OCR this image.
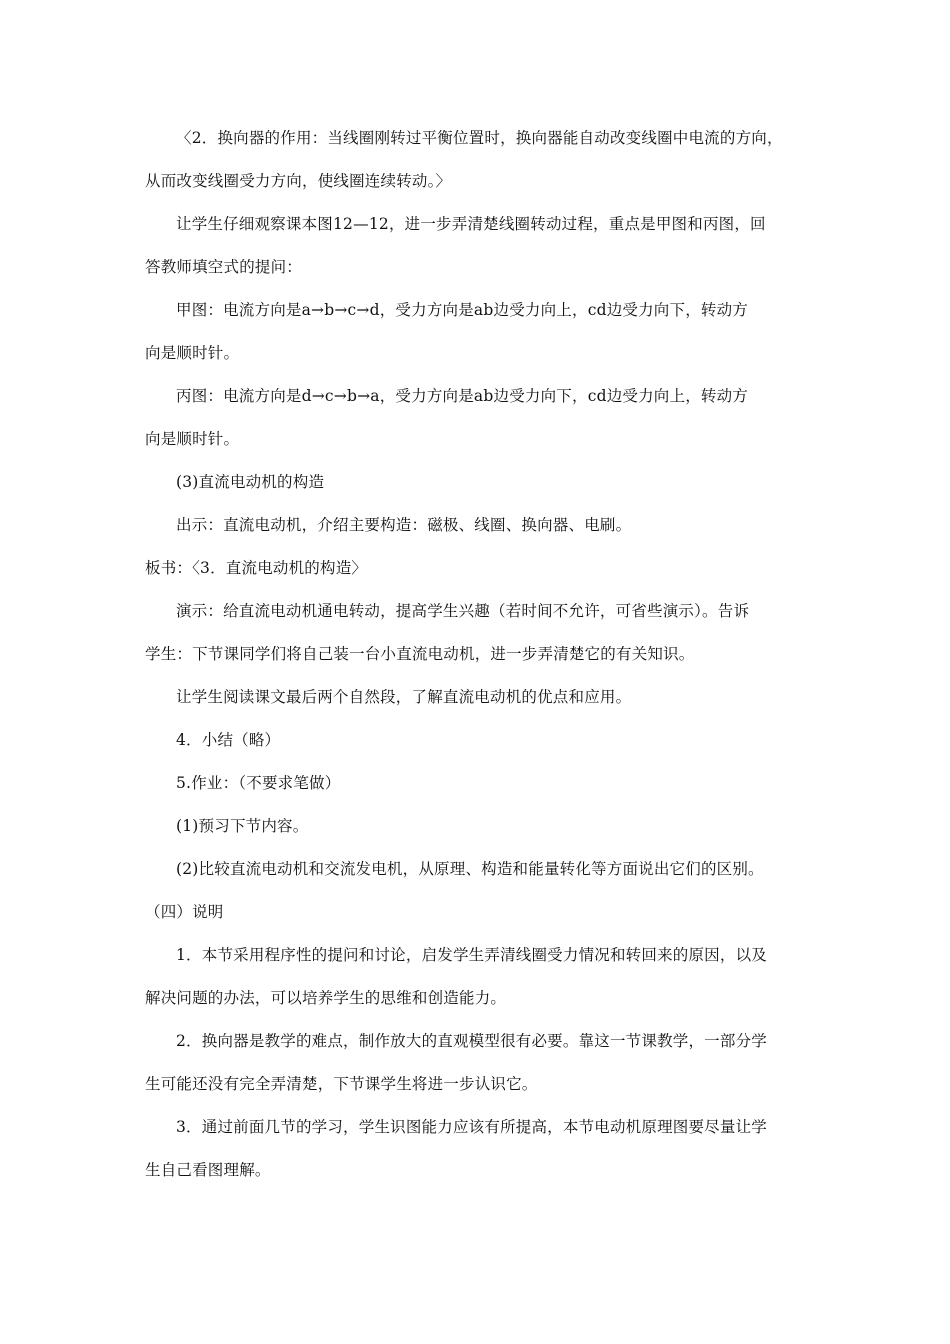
〈2．换向器的作用：当线圈刚转过平衡位置时，换向器能自动改变线圈中电流的方向，
从而改变线圈受力方向，使线圈连续转动。〉
让学生仔细观察课本图12—12，进一步弄清楚线圈转动过程，重点是甲图和丙图，回
答教师填空式的提问：
甲图：电流方向是a→b→c→d，受力方向是ab边受力向上，cd边受力向下，转动方
向是顺时针。
丙图：电流方向是d→c→b→a，受力方向是ab边受力向下，cd边受力向上，转动方
向是顺时针。
(3)直流电动机的构造
出示：直流电动机，介绍主要构造：磁极、线圈、换向器、电刷。
板书：〈3．直流电动机的构造〉
演示：给直流电动机通电转动，提高学生兴趣（若时间不允许，可省些演示）。告诉
学生：下节课同学们将自己装一台小直流电动机，进一步弄清楚它的有关知识。
让学生阅读课文最后两个自然段，了解直流电动机的优点和应用。
4．小结（略）
5.作业：（不要求笔做）
(1)预习下节内容。
(2)比较直流电动机和交流发电机，从原理、构造和能量转化等方面说出它们的区别。
（四）说明
1．本节采用程序性的提问和讨论，启发学生弄清线圈受力情况和转回来的原因，以及
解决问题的办法，可以培养学生的思维和创造能力。
2．换向器是教学的难点，制作放大的直观模型很有必要。靠这一节课教学，一部分学
生可能还没有完全弄清楚，下节课学生将进一步认识它。
3．通过前面几节的学习，学生识图能力应该有所提高，本节电动机原理图要尽量让学
生自己看图理解。
